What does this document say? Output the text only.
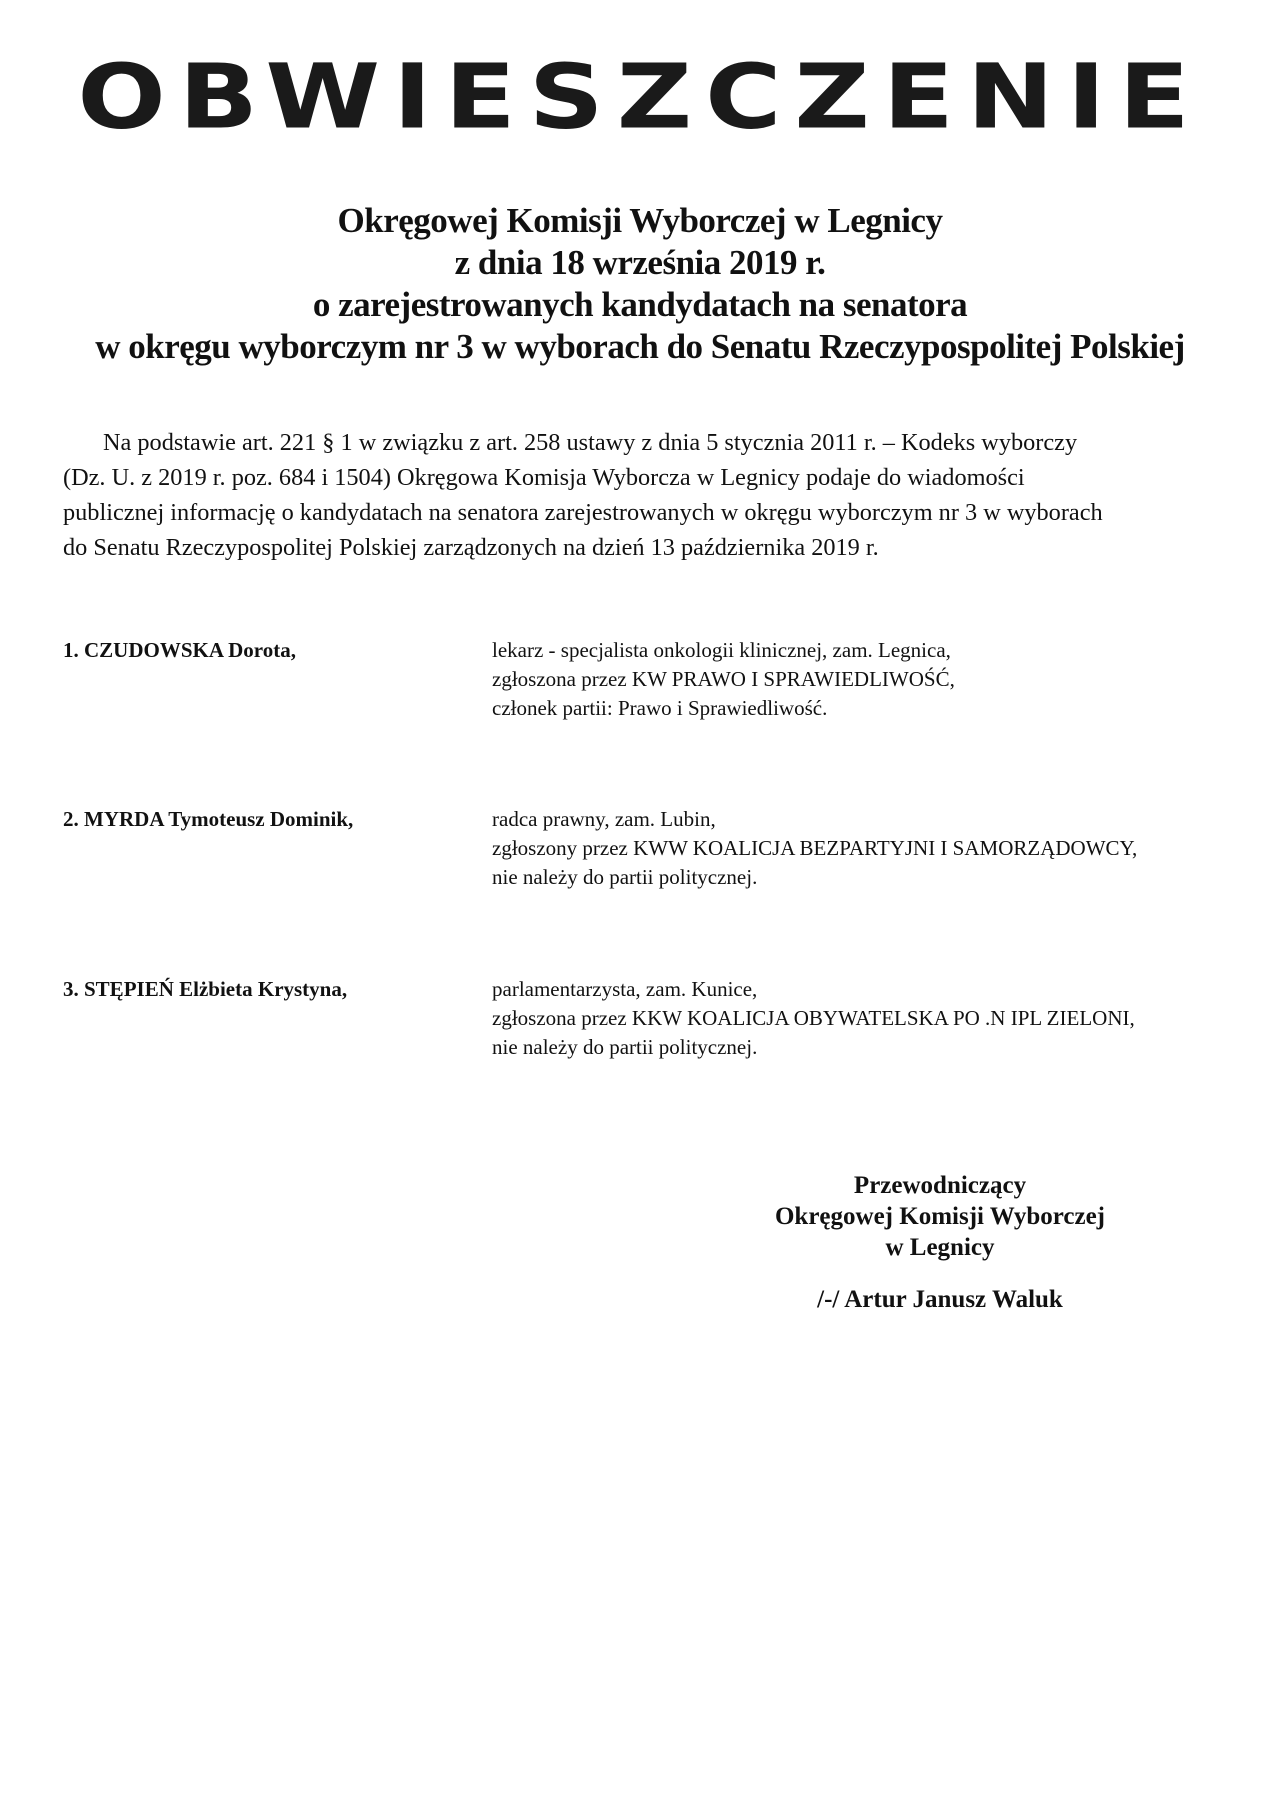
OBWIESZCZENIE
Okręgowej Komisji Wyborczej w Legnicy
z dnia 18 września 2019 r.
o zarejestrowanych kandydatach na senatora
w okręgu wyborczym nr 3 w wyborach do Senatu Rzeczypospolitej Polskiej
Na podstawie art. 221 § 1 w związku z art. 258 ustawy z dnia 5 stycznia 2011 r. – Kodeks wyborczy
(Dz. U. z 2019 r. poz. 684 i 1504) Okręgowa Komisja Wyborcza w Legnicy podaje do wiadomości
publicznej informację o kandydatach na senatora zarejestrowanych w okręgu wyborczym nr 3 w wyborach
do Senatu Rzeczypospolitej Polskiej zarządzonych na dzień 13 października 2019 r.
1. CZUDOWSKA Dorota,	lekarz - specjalista onkologii klinicznej, zam. Legnica,
zgłoszona przez KW PRAWO I SPRAWIEDLIWOŚĆ,
członek partii: Prawo i Sprawiedliwość.
2. MYRDA Tymoteusz Dominik,	radca prawny, zam. Lubin,
zgłoszony przez KWW KOALICJA BEZPARTYJNI I SAMORZĄDOWCY,
nie należy do partii politycznej.
3. STĘPIEŃ Elżbieta Krystyna,	parlamentarzysta, zam. Kunice,
zgłoszona przez KKW KOALICJA OBYWATELSKA PO .N IPL ZIELONI,
nie należy do partii politycznej.
Przewodniczący
Okręgowej Komisji Wyborczej
w Legnicy
/-/ Artur Janusz Waluk
